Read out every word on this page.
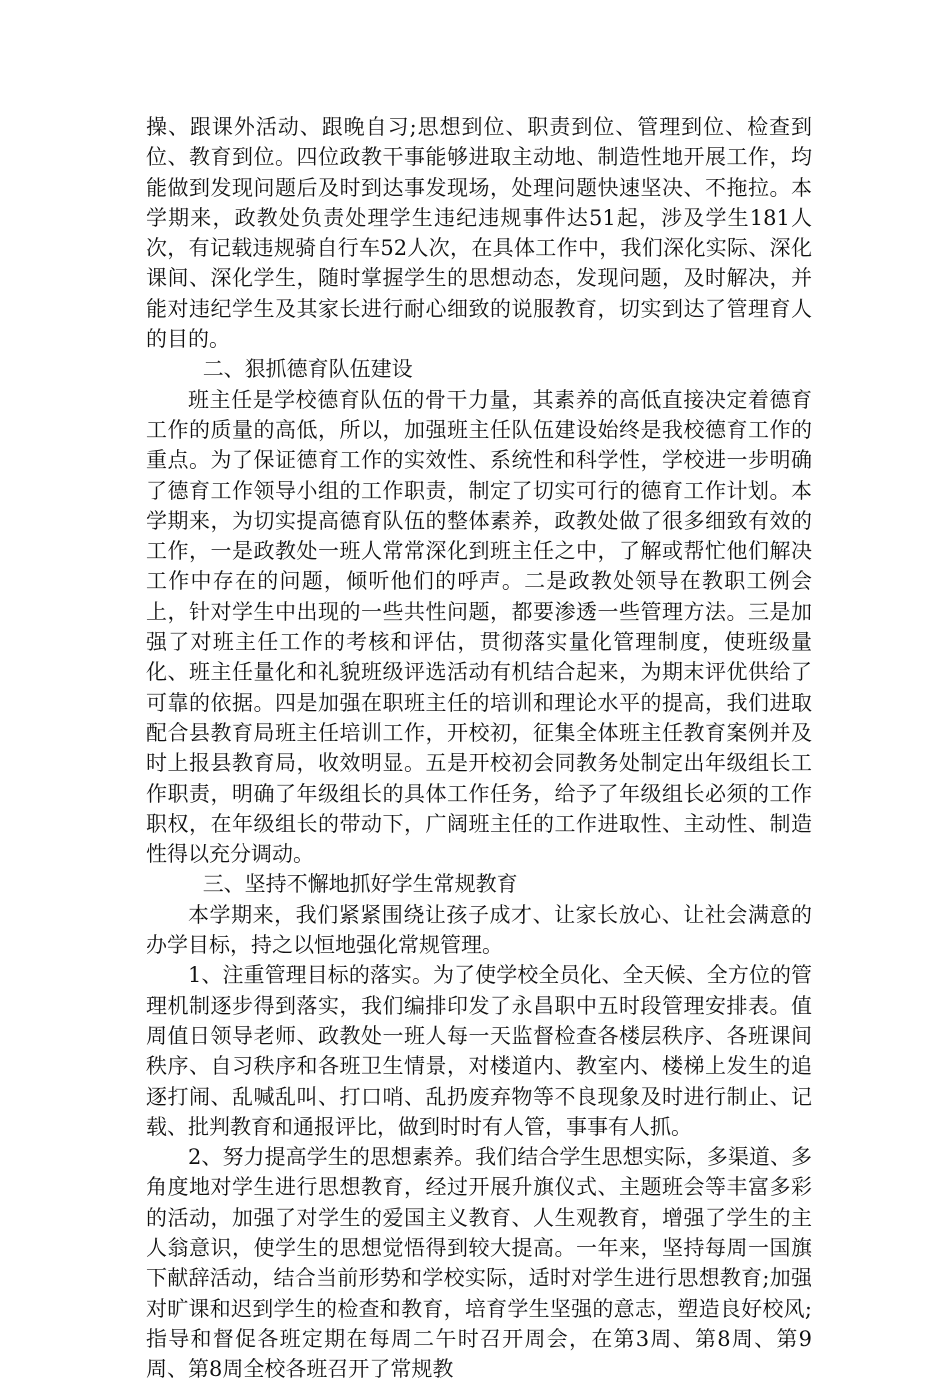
操、跟课外活动、跟晚自习;思想到位、职责到位、管理到位、检查到位、教育到位。四位政教干事能够进取主动地、制造性地开展工作，均能做到发现问题后及时到达事发现场，处理问题快速坚决、不拖拉。本学期来，政教处负责处理学生违纪违规事件达51起，涉及学生181人次，有记载违规骑自行车52人次，在具体工作中，我们深化实际、深化课间、深化学生，随时掌握学生的思想动态，发现问题，及时解决，并能对违纪学生及其家长进行耐心细致的说服教育，切实到达了管理育人的目的。

二、狠抓德育队伍建设

班主任是学校德育队伍的骨干力量，其素养的高低直接决定着德育工作的质量的高低，所以，加强班主任队伍建设始终是我校德育工作的重点。为了保证德育工作的实效性、系统性和科学性，学校进一步明确了德育工作领导小组的工作职责，制定了切实可行的德育工作计划。本学期来，为切实提高德育队伍的整体素养，政教处做了很多细致有效的工作，一是政教处一班人常常深化到班主任之中，了解或帮忙他们解决工作中存在的问题，倾听他们的呼声。二是政教处领导在教职工例会上，针对学生中出现的一些共性问题，都要渗透一些管理方法。三是加强了对班主任工作的考核和评估，贯彻落实量化管理制度，使班级量化、班主任量化和礼貌班级评选活动有机结合起来，为期末评优供给了可靠的依据。四是加强在职班主任的培训和理论水平的提高，我们进取配合县教育局班主任培训工作，开校初，征集全体班主任教育案例并及时上报县教育局，收效明显。五是开校初会同教务处制定出年级组长工作职责，明确了年级组长的具体工作任务，给予了年级组长必须的工作职权，在年级组长的带动下，广阔班主任的工作进取性、主动性、制造性得以充分调动。

三、坚持不懈地抓好学生常规教育

本学期来，我们紧紧围绕让孩子成才、让家长放心、让社会满意的办学目标，持之以恒地强化常规管理。

1、注重管理目标的落实。为了使学校全员化、全天候、全方位的管理机制逐步得到落实，我们编排印发了永昌职中五时段管理安排表。值周值日领导老师、政教处一班人每一天监督检查各楼层秩序、各班课间秩序、自习秩序和各班卫生情景，对楼道内、教室内、楼梯上发生的追逐打闹、乱喊乱叫、打口哨、乱扔废弃物等不良现象及时进行制止、记载、批判教育和通报评比，做到时时有人管，事事有人抓。

2、努力提高学生的思想素养。我们结合学生思想实际，多渠道、多角度地对学生进行思想教育，经过开展升旗仪式、主题班会等丰富多彩的活动，加强了对学生的爱国主义教育、人生观教育，增强了学生的主人翁意识，使学生的思想觉悟得到较大提高。一年来，坚持每周一国旗下献辞活动，结合当前形势和学校实际，适时对学生进行思想教育;加强对旷课和迟到学生的检查和教育，培育学生坚强的意志，塑造良好校风;指导和督促各班定期在每周二午时召开周会，在第3周、第8周、第9周、第8周全校各班召开了常规教
